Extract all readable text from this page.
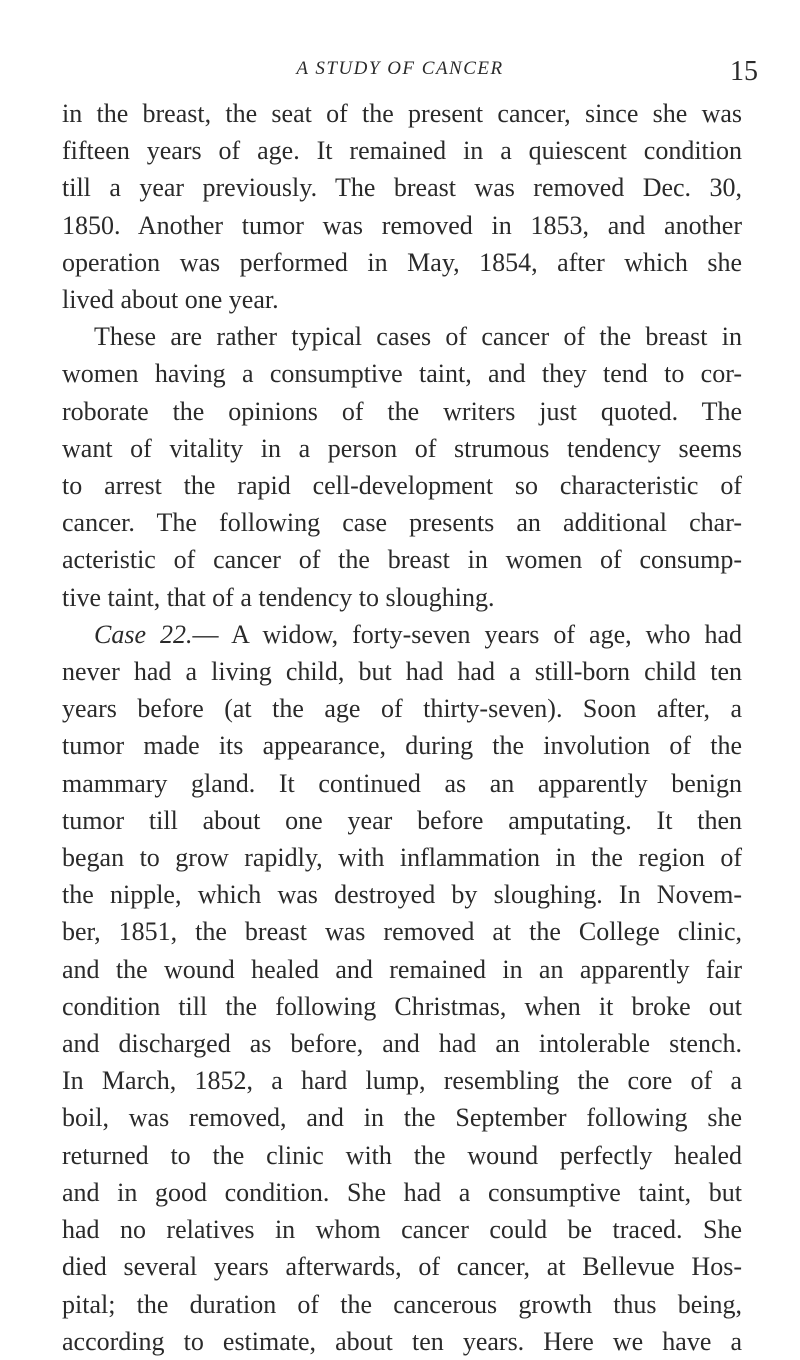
A STUDY OF CANCER	15
in the breast, the seat of the present cancer, since she was
fifteen years of age. It remained in a quiescent condition
till a year previously. The breast was removed Dec. 30,
1850. Another tumor was removed in 1853, and another
operation was performed in May, 1854, after which she
lived about one year.
These are rather typical cases of cancer of the breast in
women having a consumptive taint, and they tend to cor-
roborate the opinions of the writers just quoted. The
want of vitality in a person of strumous tendency seems
to arrest the rapid cell-development so characteristic of
cancer. The following case presents an additional char-
acteristic of cancer of the breast in women of consump-
tive taint, that of a tendency to sloughing.
Case 22.— A widow, forty-seven years of age, who had
never had a living child, but had had a still-born child ten
years before (at the age of thirty-seven). Soon after, a
tumor made its appearance, during the involution of the
mammary gland. It continued as an apparently benign
tumor till about one year before amputating. It then
began to grow rapidly, with inflammation in the region of
the nipple, which was destroyed by sloughing. In Novem-
ber, 1851, the breast was removed at the College clinic,
and the wound healed and remained in an apparently fair
condition till the following Christmas, when it broke out
and discharged as before, and had an intolerable stench.
In March, 1852, a hard lump, resembling the core of a
boil, was removed, and in the September following she
returned to the clinic with the wound perfectly healed
and in good condition. She had a consumptive taint, but
had no relatives in whom cancer could be traced. She
died several years afterwards, of cancer, at Bellevue Hos-
pital; the duration of the cancerous growth thus being,
according to estimate, about ten years. Here we have a
